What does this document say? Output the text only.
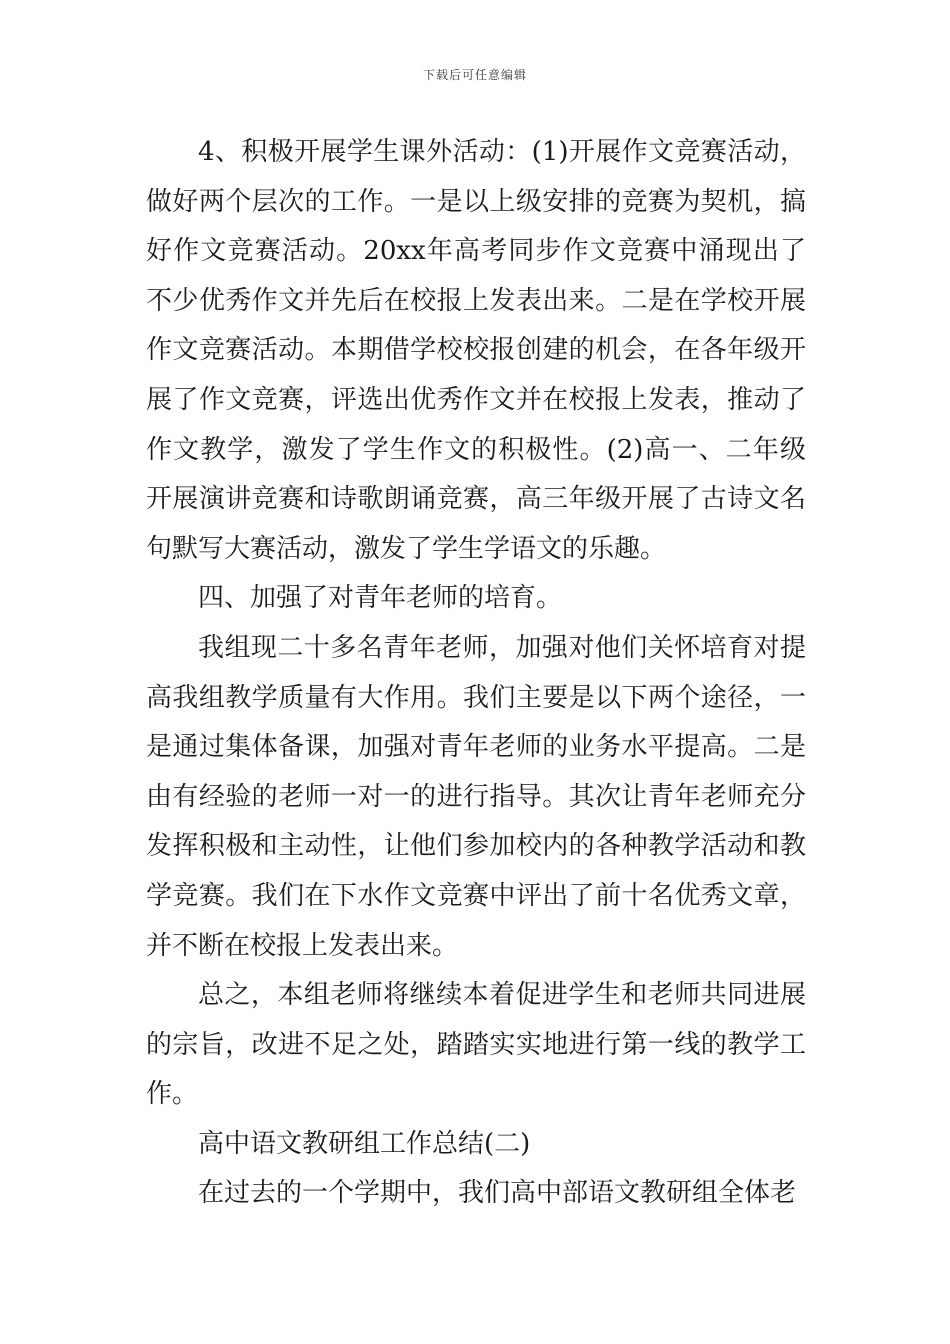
下载后可任意编辑

4、积极开展学生课外活动：(1)开展作文竞赛活动，做好两个层次的工作。一是以上级安排的竞赛为契机，搞好作文竞赛活动。20xx年高考同步作文竞赛中涌现出了不少优秀作文并先后在校报上发表出来。二是在学校开展作文竞赛活动。本期借学校校报创建的机会，在各年级开展了作文竞赛，评选出优秀作文并在校报上发表，推动了作文教学，激发了学生作文的积极性。(2)高一、二年级开展演讲竞赛和诗歌朗诵竞赛，高三年级开展了古诗文名句默写大赛活动，激发了学生学语文的乐趣。

四、加强了对青年老师的培育。

我组现二十多名青年老师，加强对他们关怀培育对提高我组教学质量有大作用。我们主要是以下两个途径，一是通过集体备课，加强对青年老师的业务水平提高。二是由有经验的老师一对一的进行指导。其次让青年老师充分发挥积极和主动性，让他们参加校内的各种教学活动和教学竞赛。我们在下水作文竞赛中评出了前十名优秀文章，并不断在校报上发表出来。

总之，本组老师将继续本着促进学生和老师共同进展的宗旨，改进不足之处，踏踏实实地进行第一线的教学工作。

高中语文教研组工作总结(二)

在过去的一个学期中，我们高中部语文教研组全体老
